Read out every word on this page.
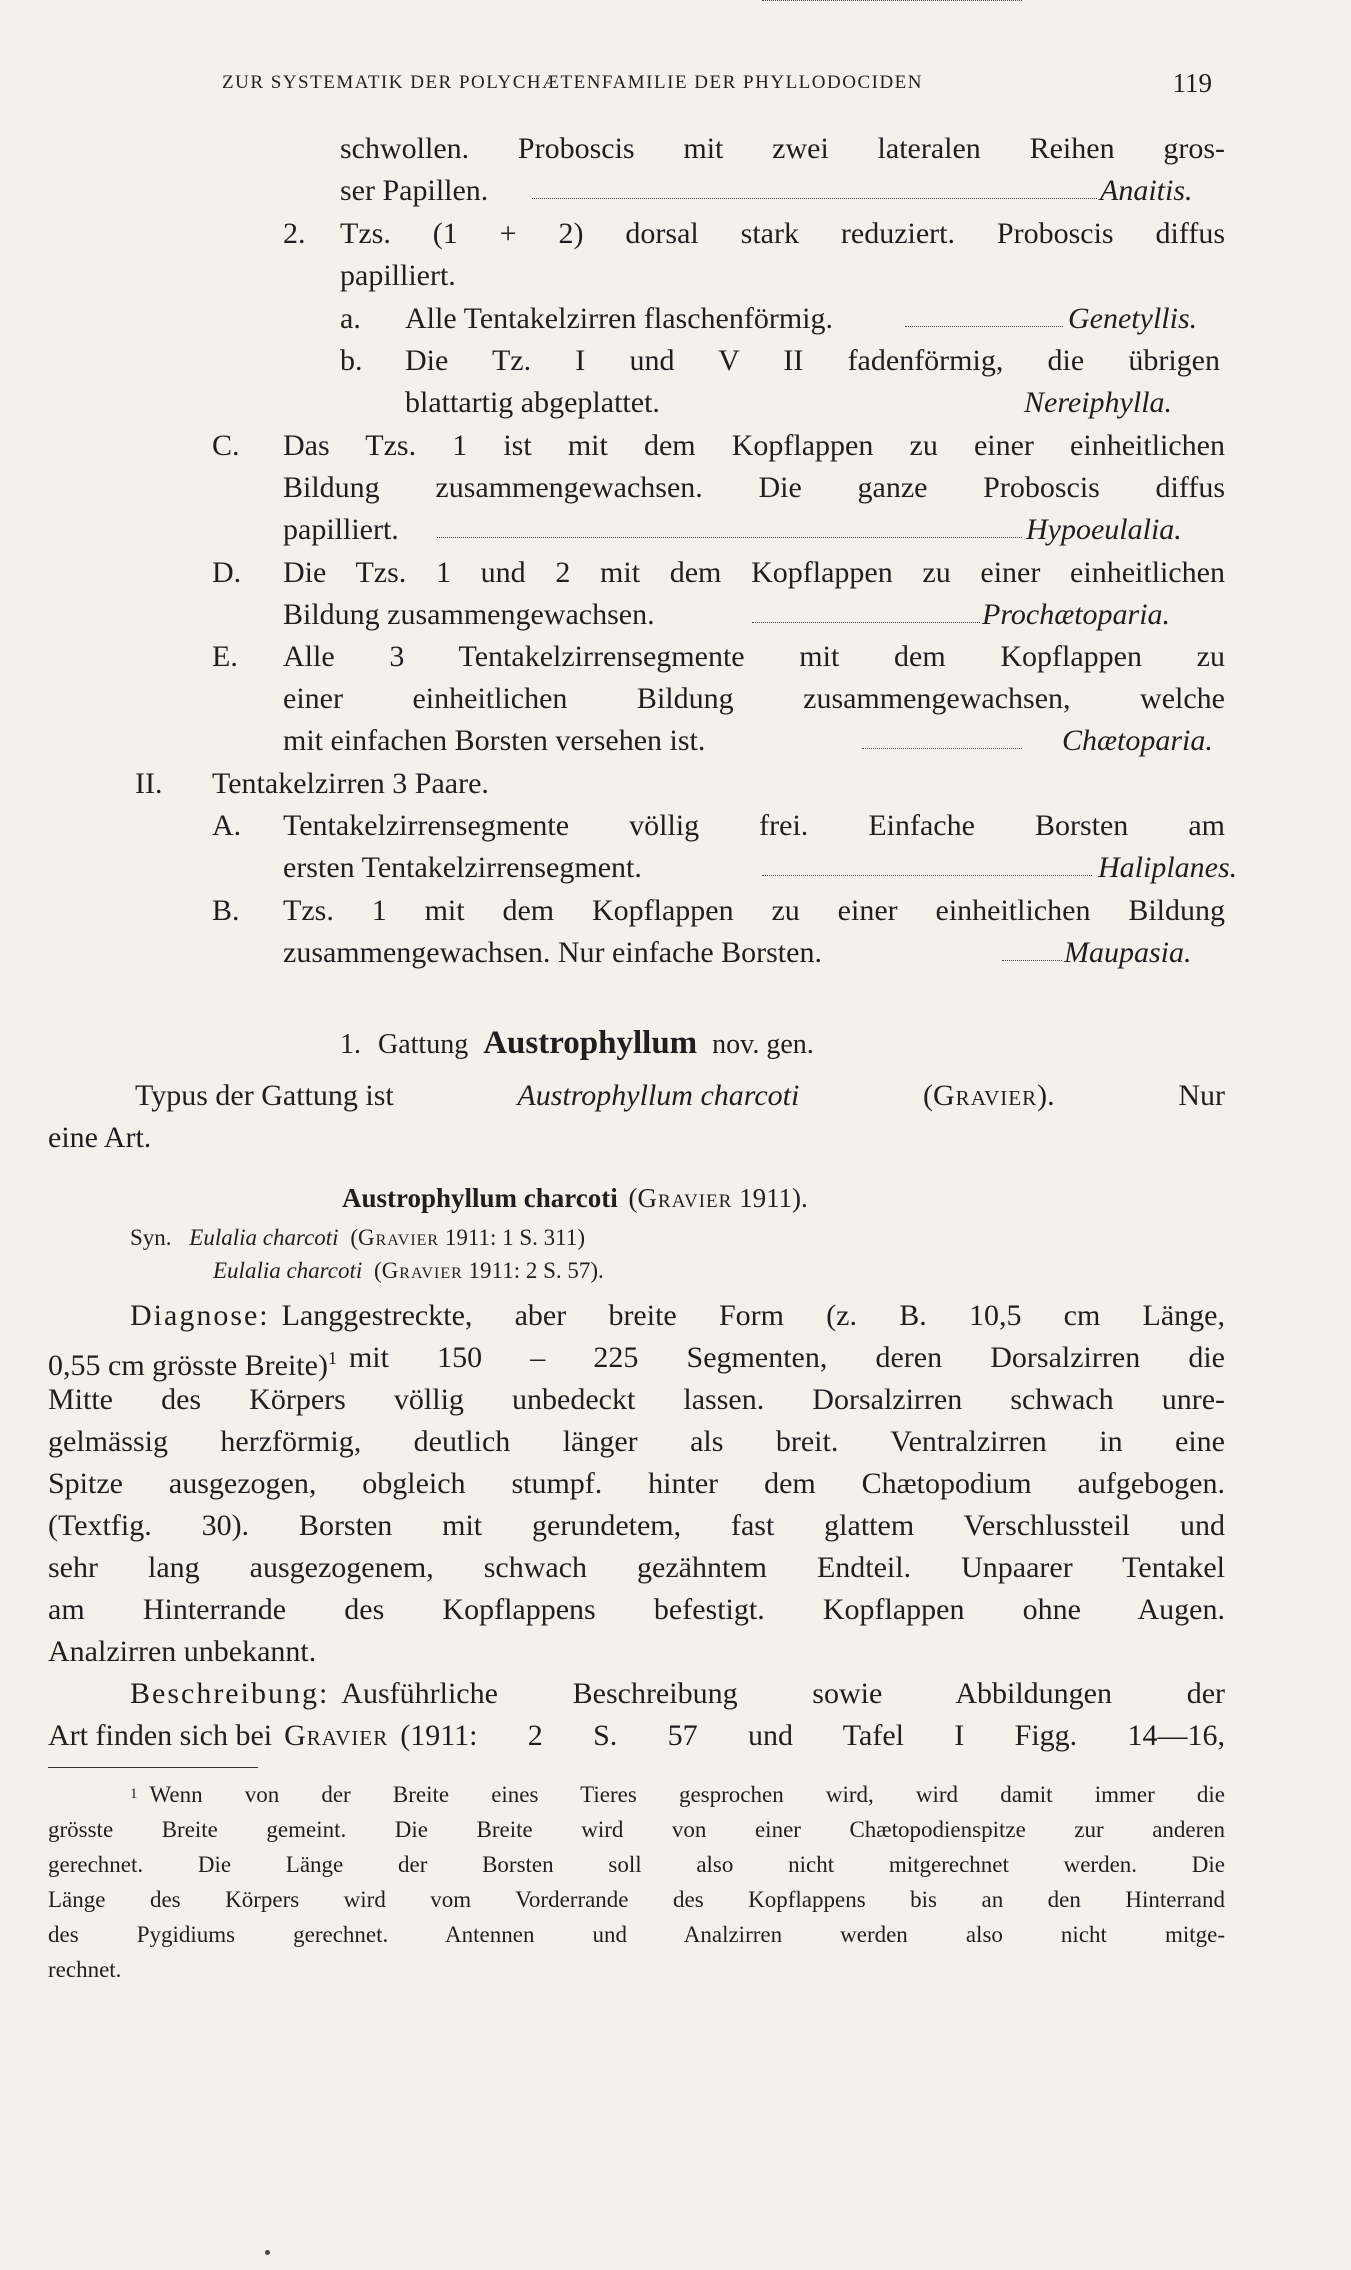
ZUR SYSTEMATIK DER POLYCHÆTENFAMILIE DER PHYLLODOCIDEN	119
schwollen. Proboscis mit zwei lateralen Reihen gros-
ser Papillen.	Anaitis.
2. Tzs. (1 + 2) dorsal stark reduziert. Proboscis diffus
papilliert.
a. Alle Tentakelzirren flaschenförmig.	Genetyllis.
b. Die Tz. I und V II fadenförmig, die übrigen
blattartig abgeplattet.	Nereiphylla.
C. Das Tzs. 1 ist mit dem Kopflappen zu einer einheitlichen
Bildung zusammengewachsen. Die ganze Proboscis diffus
papilliert.	Hypoeulalia.
D. Die Tzs. 1 und 2 mit dem Kopflappen zu einer einheitlichen
Bildung zusammengewachsen.	Prochætoparia.
E. Alle 3 Tentakelzirrensegmente mit dem Kopflappen zu
einer einheitlichen Bildung zusammengewachsen, welche
mit einfachen Borsten versehen ist.	Chætoparia.
II. Tentakelzirren 3 Paare.
A. Tentakelzirrensegmente völlig frei. Einfache Borsten am
ersten Tentakelzirrensegment.	Haliplanes.
B. Tzs. 1 mit dem Kopflappen zu einer einheitlichen Bildung
zusammengewachsen. Nur einfache Borsten.	Maupasia.
1. Gattung Austrophyllum nov. gen.
Typus der Gattung ist	Austrophyllum charcoti	(Gravier).	Nur
eine Art.
Austrophyllum charcoti (Gravier 1911).
Syn. Eulalia charcoti (Gravier 1911: 1 S. 311)
Eulalia charcoti (Gravier 1911: 2 S. 57).
Diagnose: Langgestreckte, aber breite Form (z. B. 10,5 cm Länge,
0,55 cm grösste Breite)$^1$ mit 150 – 225 Segmenten, deren Dorsalzirren die
Mitte des Körpers völlig unbedeckt lassen. Dorsalzirren schwach unre-
gelmässig herzförmig, deutlich länger als breit. Ventralzirren in eine
Spitze ausgezogen, obgleich stumpf. hinter dem Chætopodium aufgebogen.
(Textfig. 30). Borsten mit gerundetem, fast glattem Verschlussteil und
sehr lang ausgezogenem, schwach gezähntem Endteil. Unpaarer Tentakel
am Hinterrande des Kopflappens befestigt. Kopflappen ohne Augen.
Analzirren unbekannt.
Beschreibung: Ausführliche Beschreibung sowie Abbildungen der
Art finden sich bei Gravier (1911: 2 S. 57 und Tafel I Figg. 14—16,
1 Wenn von der Breite eines Tieres gesprochen wird, wird damit immer die
grösste Breite gemeint. Die Breite wird von einer Chætopodienspitze zur anderen
gerechnet. Die Länge der Borsten soll also nicht mitgerechnet werden. Die
Länge des Körpers wird vom Vorderrande des Kopflappens bis an den Hinterrand
des Pygidiums gerechnet. Antennen und Analzirren werden also nicht mitge-
rechnet.
